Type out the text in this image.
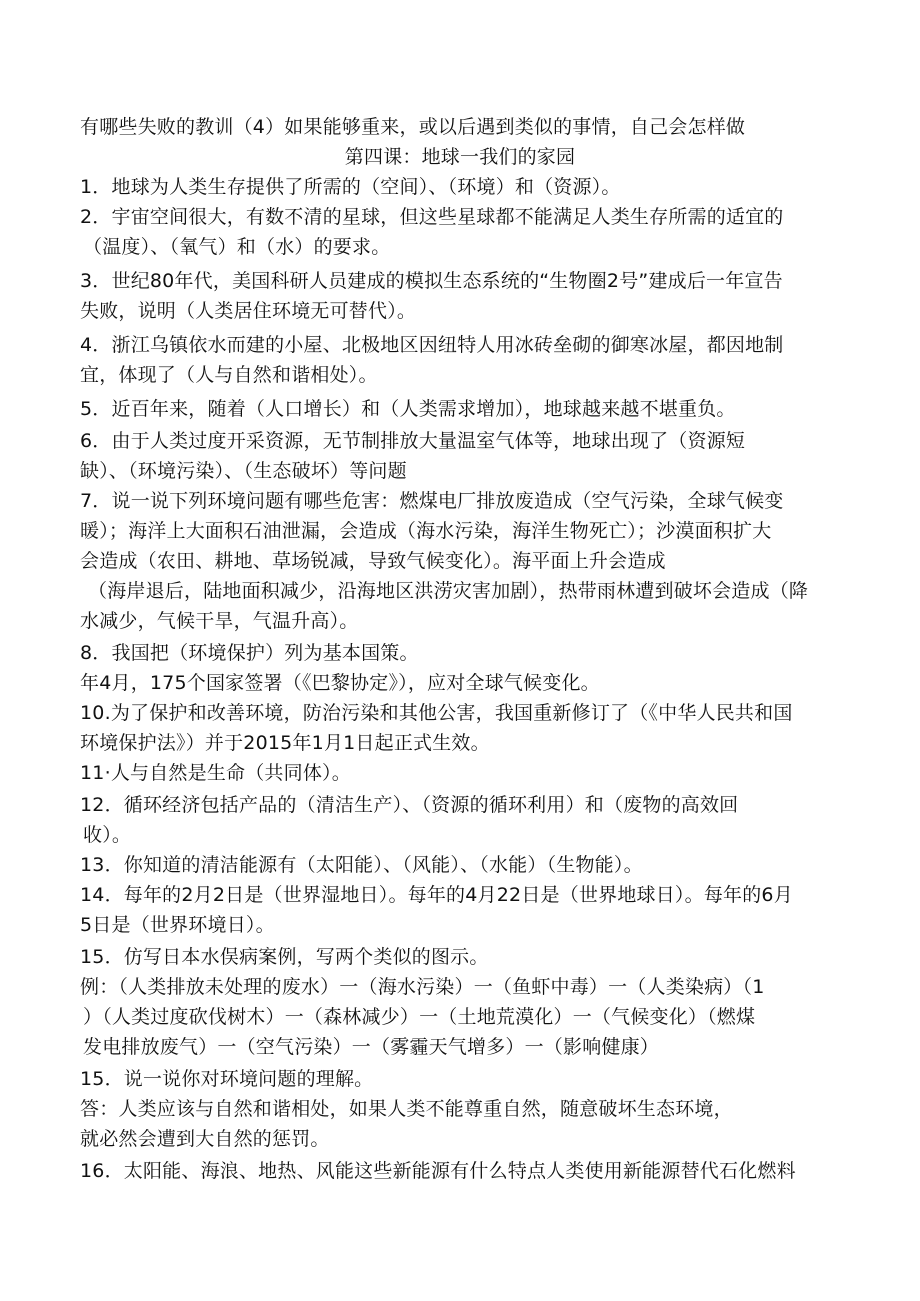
有哪些失败的教训（4）如果能够重来，或以后遇到类似的事情，自己会怎样做
第四课：地球一我们的家园
1．地球为人类生存提供了所需的（空间）、（环境）和（资源）。
2．宇宙空间很大，有数不清的星球，但这些星球都不能满足人类生存所需的适宜的
（温度）、（氧气）和（水）的要求。
3．世纪80年代，美国科研人员建成的模拟生态系统的“生物圈2号”建成后一年宣告
失败，说明（人类居住环境无可替代）。
4．浙江乌镇依水而建的小屋、北极地区因纽特人用冰砖垒砌的御寒冰屋，都因地制
宜，体现了（人与自然和谐相处）。
5．近百年来，随着（人口增长）和（人类需求增加），地球越来越不堪重负。
6．由于人类过度开采资源，无节制排放大量温室气体等，地球出现了（资源短
缺）、（环境污染）、（生态破坏）等问题
7．说一说下列环境问题有哪些危害：燃煤电厂排放废造成（空气污染，全球气候变
暖）；海洋上大面积石油泄漏，会造成（海水污染，海洋生物死亡）；沙漠面积扩大
会造成（农田、耕地、草场锐减，导致气候变化）。海平面上升会造成
（海岸退后，陆地面积减少，沿海地区洪涝灾害加剧），热带雨林遭到破坏会造成（降
水减少，气候干旱，气温升高）。
8．我国把（环境保护）列为基本国策。
年4月，175个国家签署（《巴黎协定》），应对全球气候变化。
10.为了保护和改善环境，防治污染和其他公害，我国重新修订了（《中华人民共和国
环境保护法》）并于2015年1月1日起正式生效。
11·人与自然是生命（共同体）。
12．循环经济包括产品的（清洁生产）、（资源的循环利用）和（废物的高效回
收）。
13．你知道的清洁能源有（太阳能）、（风能）、（水能）（生物能）。
14．每年的2月2日是（世界湿地日）。每年的4月22日是（世界地球日）。每年的6月
5日是（世界环境日）。
15．仿写日本水俣病案例，写两个类似的图示。
例：（人类排放未处理的废水）一（海水污染）一（鱼虾中毒）一（人类染病）（1
）（人类过度砍伐树木）一（森林减少）一（土地荒漠化）一（气候变化）（燃煤
发电排放废气）一（空气污染）一（雾霾天气增多）一（影响健康）
15．说一说你对环境问题的理解。
答：人类应该与自然和谐相处，如果人类不能尊重自然，随意破坏生态环境，
就必然会遭到大自然的惩罚。
16．太阳能、海浪、地热、风能这些新能源有什么特点人类使用新能源替代石化燃料
